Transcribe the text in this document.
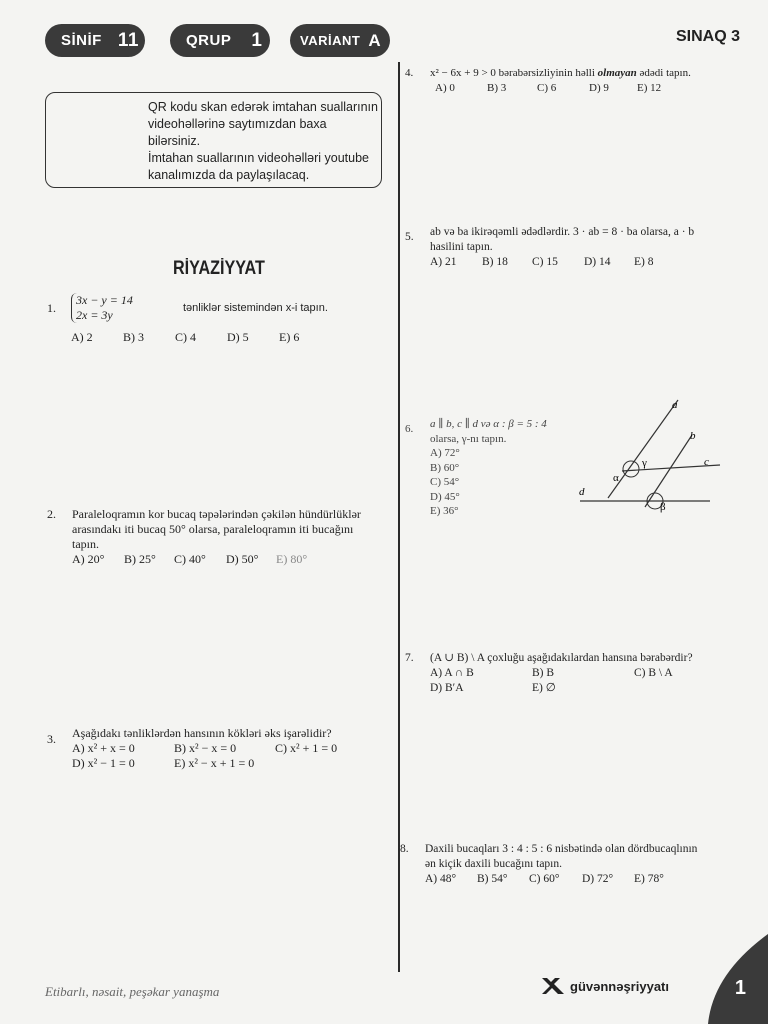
SİNİF 11	QRUP	1	VARİANT A	SINAQ 3
QR kodu skan edərək imtahan suallarının videohəllərinə saytımızdan baxa bilərsiniz.
İmtahan suallarının videohəlləri youtube kanalımızda da paylaşılacaq.
RİYAZİYYAT
1.
3x − y = 14
2x = 3y	tənliklər sistemindən x-i tapın.
A) 2	B) 3	C) 4	D) 5	E) 6
2. Paraleloqramın kor bucaq təpələrindən çəkilən hündürlüklər
arasındakı iti bucaq 50° olarsa, paraleloqramın iti bucağını
tapın.
A) 20°	B) 25°	C) 40°	D) 50°	E) 80°
3. Aşağıdakı tənliklərdən hansının kökləri əks işarəlidir?
A) x² + x = 0	B) x² − x = 0	C) x² + 1 = 0
D) x² − 1 = 0	E) x² − x + 1 = 0
4. x² − 6x + 9 > 0 bərabərsizliyinin həlli olmayan ədədi tapın.
A) 0	B) 3	C) 6	D) 9	E) 12
5. ab və ba ikirəqəmli ədədlərdir. 3 · ab = 8 · ba olarsa, a · b
hasilini tapın.
A) 21	B) 18	C) 15	D) 14	E) 8
6. a ∥ b, c ∥ d və α : β = 5 : 4
olarsa, γ-nı tapın.
A) 72°
B) 60°
C) 54°
D) 45°
E) 36°
a
b
c
d
α
β
γ
7. (A ∪ B) \ A çoxluğu aşağıdakılardan hansına bərabərdir?
A) A ∩ B	B) B	C) B \ A
D) B′A	E) ∅
8. Daxili bucaqları 3 : 4 : 5 : 6 nisbətində olan dördbucaqlının
ən kiçik daxili bucağını tapın.
A) 48°	B) 54°	C) 60°	D) 72°	E) 78°
Etibarlı, nəsait, peşəkar yanaşma	güvənnəşriyyatı	1
